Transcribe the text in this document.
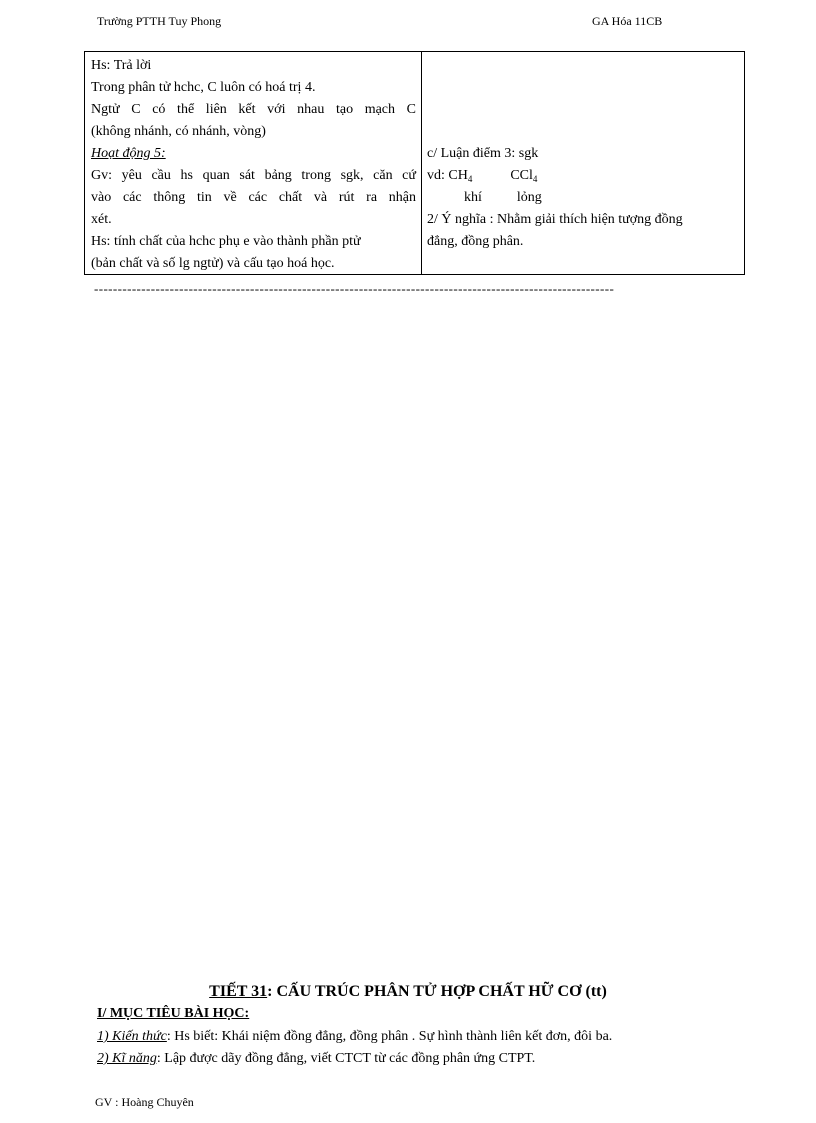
Trường PTTH Tuy Phong	GA Hóa 11CB
Hs: Trả lời
Trong phân tử hchc, C luôn có hoá trị 4.
Ngtử C có thể liên kết với nhau tạo mạch C
(không nhánh, có nhánh, vòng)
Hoạt động 5:
Gv: yêu cầu hs quan sát bảng trong sgk, căn cứ
vào các thông tin về các chất và rút ra nhận
xét.
Hs: tính chất của hchc phụ e vào thành phần ptử
(bản chất và số lg ngtử) và cấu tạo hoá học.
c/ Luận điểm 3: sgk
vd: $CH_4$	CCl$_4$
khí	lỏng
2/ Ý nghĩa : Nhằm giải thích hiện tượng đồng
đẳng, đồng phân.
--------------------------------------------------------------------------------------------------------------
TIẾT 31: CẤU TRÚC PHÂN TỬ HỢP CHẤT HỮ CƠ (tt)
I/ MỤC TIÊU BÀI HỌC:
1) Kiến thức: Hs biết: Khái niệm đồng đẳng, đồng phân . Sự hình thành liên kết đơn, đôi ba.
2) Kĩ năng: Lập được dãy đồng đẳng, viết CTCT từ các đồng phân ứng CTPT.
GV : Hoàng Chuyên
